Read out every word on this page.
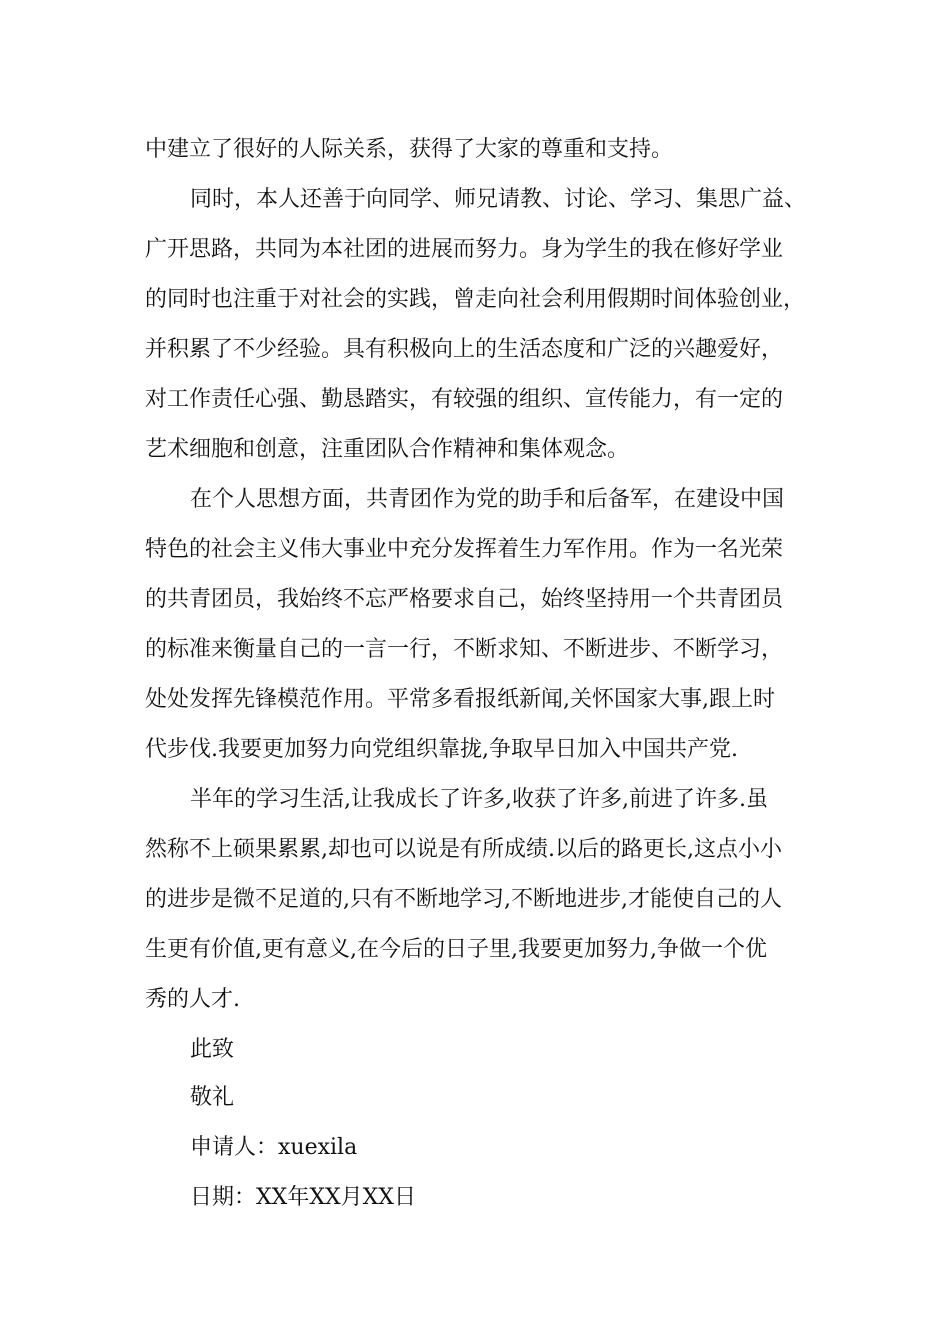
中建立了很好的人际关系，获得了大家的尊重和支持。
同时，本人还善于向同学、师兄请教、讨论、学习、集思广益、
广开思路，共同为本社团的进展而努力。身为学生的我在修好学业
的同时也注重于对社会的实践，曾走向社会利用假期时间体验创业，
并积累了不少经验。具有积极向上的生活态度和广泛的兴趣爱好，
对工作责任心强、勤恳踏实，有较强的组织、宣传能力，有一定的
艺术细胞和创意，注重团队合作精神和集体观念。
在个人思想方面，共青团作为党的助手和后备军，在建设中国
特色的社会主义伟大事业中充分发挥着生力军作用。作为一名光荣
的共青团员，我始终不忘严格要求自己，始终坚持用一个共青团员
的标准来衡量自己的一言一行，不断求知、不断进步、不断学习，
处处发挥先锋模范作用。平常多看报纸新闻,关怀国家大事,跟上时
代步伐.我要更加努力向党组织靠拢,争取早日加入中国共产党.
半年的学习生活,让我成长了许多,收获了许多,前进了许多.虽
然称不上硕果累累,却也可以说是有所成绩.以后的路更长,这点小小
的进步是微不足道的,只有不断地学习,不断地进步,才能使自己的人
生更有价值,更有意义,在今后的日子里,我要更加努力,争做一个优
秀的人才.
此致
敬礼
申请人：xuexila
日期：XX年XX月XX日
